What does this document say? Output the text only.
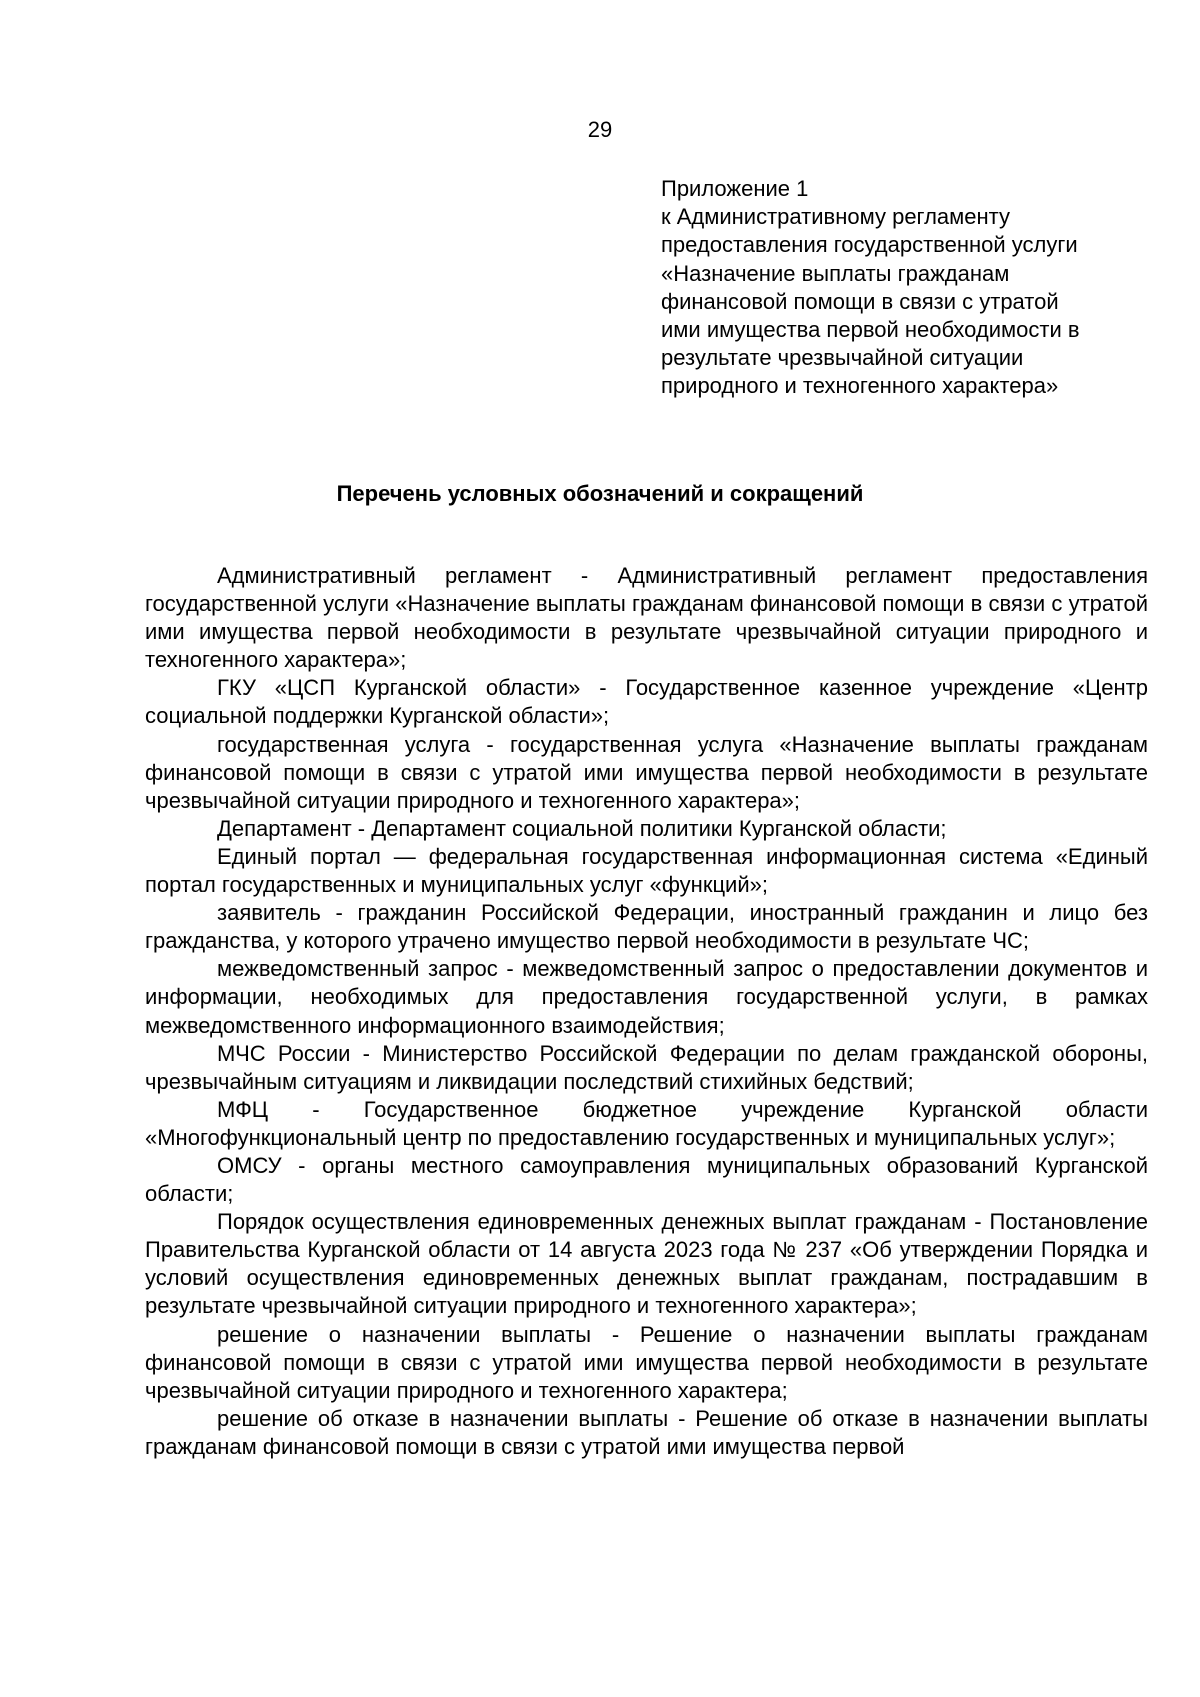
29
Приложение 1
к Административному регламенту
предоставления государственной услуги
«Назначение выплаты гражданам
финансовой помощи в связи с утратой
ими имущества первой необходимости в
результате чрезвычайной ситуации
природного и техногенного характера»
Перечень условных обозначений и сокращений

Административный регламент - Административный регламент предоставления государственной услуги «Назначение выплаты гражданам финансовой помощи в связи с утратой ими имущества первой необходимости в результате чрезвычайной ситуации природного и техногенного характера»;

ГКУ «ЦСП Курганской области» - Государственное казенное учреждение «Центр социальной поддержки Курганской области»;

государственная услуга - государственная услуга «Назначение выплаты гражданам финансовой помощи в связи с утратой ими имущества первой необходимости в результате чрезвычайной ситуации природного и техногенного характера»;

Департамент - Департамент социальной политики Курганской области;

Единый портал — федеральная государственная информационная система «Единый портал государственных и муниципальных услуг «функций»;

заявитель - гражданин Российской Федерации, иностранный гражданин и лицо без гражданства, у которого утрачено имущество первой необходимости в результате ЧС;

межведомственный запрос - межведомственный запрос о предоставлении документов и информации, необходимых для предоставления государственной услуги, в рамках межведомственного информационного взаимодействия;

МЧС России - Министерство Российской Федерации по делам гражданской обороны, чрезвычайным ситуациям и ликвидации последствий стихийных бедствий;

МФЦ - Государственное бюджетное учреждение Курганской области «Многофункциональный центр по предоставлению государственных и муниципальных услуг»;

ОМСУ - органы местного самоуправления муниципальных образований Курганской области;

Порядок осуществления единовременных денежных выплат гражданам - Постановление Правительства Курганской области от 14 августа 2023 года № 237 «Об утверждении Порядка и условий осуществления единовременных денежных выплат гражданам, пострадавшим в результате чрезвычайной ситуации природного и техногенного характера»;

решение о назначении выплаты - Решение о назначении выплаты гражданам финансовой помощи в связи с утратой ими имущества первой необходимости в результате чрезвычайной ситуации природного и техногенного характера;

решение об отказе в назначении выплаты - Решение об отказе в назначении выплаты гражданам финансовой помощи в связи с утратой ими имущества первой
